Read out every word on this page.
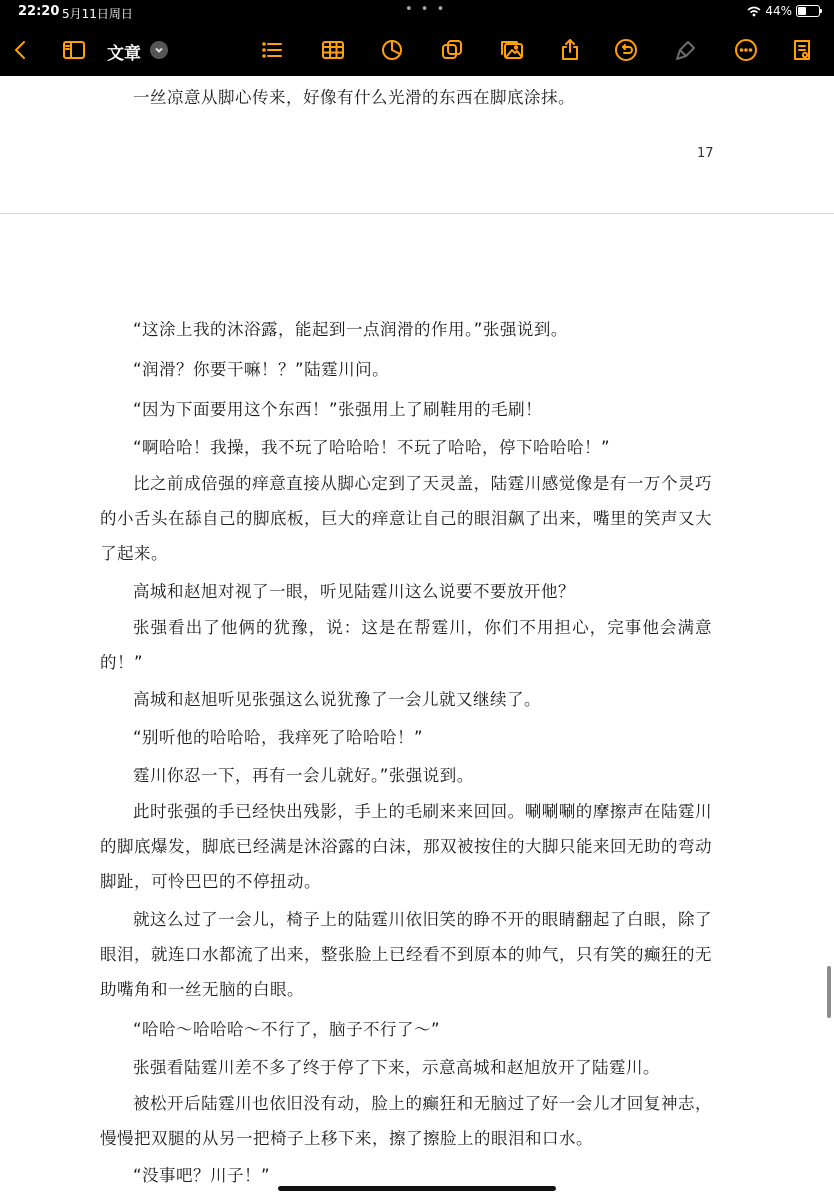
22:20 5月11日周日	• • •	44%
文章
一丝凉意从脚心传来，好像有什么光滑的东西在脚底涂抹。
17
“这涂上我的沐浴露，能起到一点润滑的作用。”张强说到。
“润滑？你要干嘛！？”陆霆川问。
“因为下面要用这个东西！”张强用上了刷鞋用的毛刷！
“啊哈哈！我操，我不玩了哈哈哈！不玩了哈哈，停下哈哈哈！”
比之前成倍强的痒意直接从脚心定到了天灵盖，陆霆川感觉像是有一万个灵巧的小舌头在舔自己的脚底板，巨大的痒意让自己的眼泪飙了出来，嘴里的笑声又大了起来。
高城和赵旭对视了一眼，听见陆霆川这么说要不要放开他？
张强看出了他俩的犹豫，说：这是在帮霆川，你们不用担心，完事他会满意的！”
高城和赵旭听见张强这么说犹豫了一会儿就又继续了。
“别听他的哈哈哈，我痒死了哈哈哈！”
霆川你忍一下，再有一会儿就好。”张强说到。
此时张强的手已经快出残影，手上的毛刷来来回回。唰唰唰的摩擦声在陆霆川的脚底爆发，脚底已经满是沐浴露的白沫，那双被按住的大脚只能来回无助的弯动脚趾，可怜巴巴的不停扭动。
就这么过了一会儿，椅子上的陆霆川依旧笑的睁不开的眼睛翻起了白眼，除了眼泪，就连口水都流了出来，整张脸上已经看不到原本的帅气，只有笑的癫狂的无助嘴角和一丝无脑的白眼。
“哈哈～哈哈哈～不行了，脑子不行了～”
张强看陆霆川差不多了终于停了下来，示意高城和赵旭放开了陆霆川。
被松开后陆霆川也依旧没有动，脸上的癫狂和无脑过了好一会儿才回复神志，慢慢把双腿的从另一把椅子上移下来，擦了擦脸上的眼泪和口水。
“没事吧？川子！”
